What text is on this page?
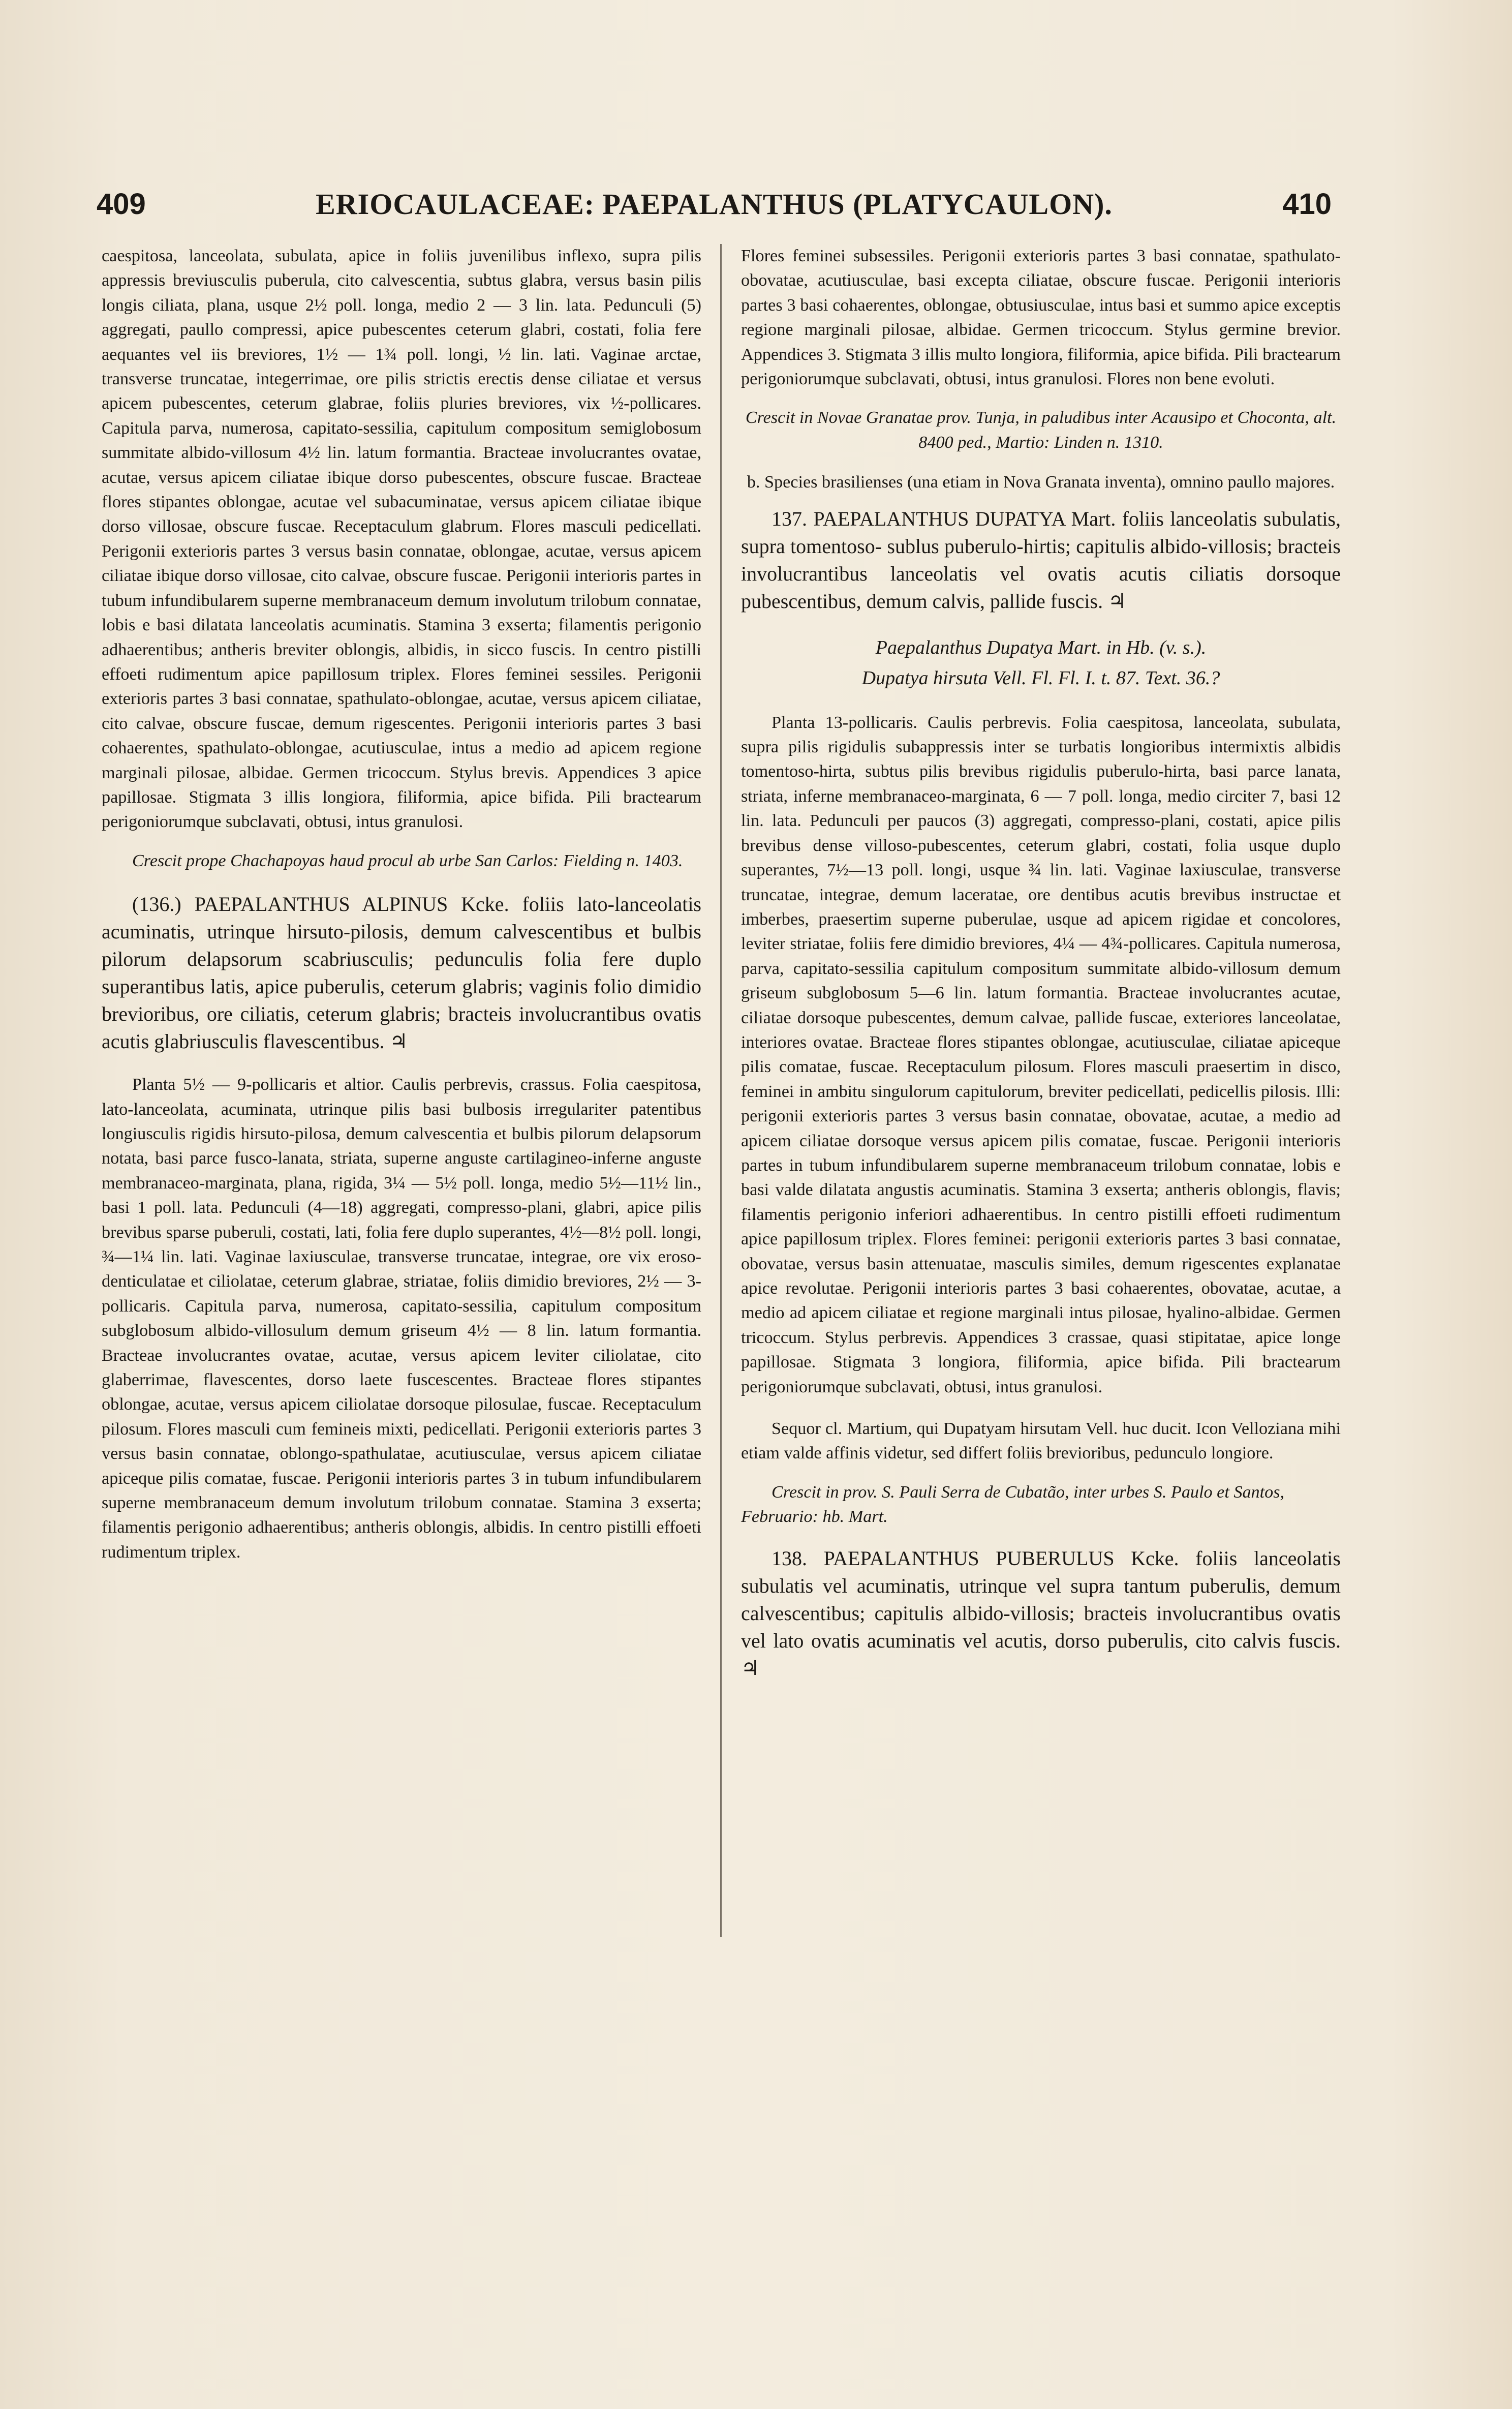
409	ERIOCAULACEAE: PAEPALANTHUS (PLATYCAULON).	410

caespitosa, lanceolata, subulata, apice in foliis juvenilibus inflexo, supra pilis appressis breviusculis puberula, cito calvescentia, subtus glabra, versus basin pilis longis ciliata, plana, usque 2½ poll. longa, medio 2 — 3 lin. lata. Pedunculi (5) aggregati, paullo compressi, apice pubescentes ceterum glabri, costati, folia fere aequantes vel iis breviores, 1½ — 1¾ poll. longi, ½ lin. lati. Vaginae arctae, transverse truncatae, integerrimae, ore pilis strictis erectis dense ciliatae et versus apicem pubescentes, ceterum glabrae, foliis pluries breviores, vix ½-pollicares. Capitula parva, numerosa, capitato-sessilia, capitulum compositum semiglobosum summitate albido-villosum 4½ lin. latum formantia. Bracteae involucrantes ovatae, acutae, versus apicem ciliatae ibique dorso pubescentes, obscure fuscae. Bracteae flores stipantes oblongae, acutae vel subacuminatae, versus apicem ciliatae ibique dorso villosae, obscure fuscae. Receptaculum glabrum. Flores masculi pedicellati. Perigonii exterioris partes 3 versus basin connatae, oblongae, acutae, versus apicem ciliatae ibique dorso villosae, cito calvae, obscure fuscae. Perigonii interioris partes in tubum infundibularem superne membranaceum demum involutum trilobum connatae, lobis e basi dilatata lanceolatis acuminatis. Stamina 3 exserta; filamentis perigonio adhaerentibus; antheris breviter oblongis, albidis, in sicco fuscis. In centro pistilli effoeti rudimentum apice papillosum triplex. Flores feminei sessiles. Perigonii exterioris partes 3 basi connatae, spathulato-oblongae, acutae, versus apicem ciliatae, cito calvae, obscure fuscae, demum rigescentes. Perigonii interioris partes 3 basi cohaerentes, spathulato-oblongae, acutiusculae, intus a medio ad apicem regione marginali pilosae, albidae. Germen tricoccum. Stylus brevis. Appendices 3 apice papillosae. Stigmata 3 illis longiora, filiformia, apice bifida. Pili bractearum perigoniorumque subclavati, obtusi, intus granulosi.

Crescit prope Chachapoyas haud procul ab urbe San Carlos: Fielding n. 1403.

(136.) PAEPALANTHUS ALPINUS Kcke. foliis lato-lanceolatis acuminatis, utrinque hirsuto-pilosis, demum calvescentibus et bulbis pilorum delapsorum scabriusculis; pedunculis folia fere duplo superantibus latis, apice puberulis, ceterum glabris; vaginis folio dimidio brevioribus, ore ciliatis, ceterum glabris; bracteis involucrantibus ovatis acutis glabriusculis flavescentibus. ♃

Planta 5½ — 9-pollicaris et altior. Caulis perbrevis, crassus. Folia caespitosa, lato-lanceolata, acuminata, utrinque pilis basi bulbosis irregulariter patentibus longiusculis rigidis hirsuto-pilosa, demum calvescentia et bulbis pilorum delapsorum notata, basi parce fusco-lanata, striata, superne anguste cartilagineo-inferne anguste membranaceo-marginata, plana, rigida, 3¼ — 5½ poll. longa, medio 5½—11½ lin., basi 1 poll. lata. Pedunculi (4—18) aggregati, compresso-plani, glabri, apice pilis brevibus sparse puberuli, costati, lati, folia fere duplo superantes, 4½—8½ poll. longi, ¾—1¼ lin. lati. Vaginae laxiusculae, transverse truncatae, integrae, ore vix eroso-denticulatae et ciliolatae, ceterum glabrae, striatae, foliis dimidio breviores, 2½ — 3-pollicaris. Capitula parva, numerosa, capitato-sessilia, capitulum compositum subglobosum albido-villosulum demum griseum 4½ — 8 lin. latum formantia. Bracteae involucrantes ovatae, acutae, versus apicem leviter ciliolatae, cito glaberrimae, flavescentes, dorso laete fuscescentes. Bracteae flores stipantes oblongae, acutae, versus apicem ciliolatae dorsoque pilosulae, fuscae. Receptaculum pilosum. Flores masculi cum femineis mixti, pedicellati. Perigonii exterioris partes 3 versus basin connatae, oblongo-spathulatae, acutiusculae, versus apicem ciliatae apiceque pilis comatae, fuscae. Perigonii interioris partes 3 in tubum infundibularem superne membranaceum demum involutum trilobum connatae. Stamina 3 exserta; filamentis perigonio adhaerentibus; antheris oblongis, albidis. In centro pistilli effoeti rudimentum triplex.

Flores feminei subsessiles. Perigonii exterioris partes 3 basi connatae, spathulato-obovatae, acutiusculae, basi excepta ciliatae, obscure fuscae. Perigonii interioris partes 3 basi cohaerentes, oblongae, obtusiusculae, intus basi et summo apice exceptis regione marginali pilosae, albidae. Germen tricoccum. Stylus germine brevior. Appendices 3. Stigmata 3 illis multo longiora, filiformia, apice bifida. Pili bractearum perigoniorumque subclavati, obtusi, intus granulosi. Flores non bene evoluti.

Crescit in Novae Granatae prov. Tunja, in paludibus inter Acausipo et Choconta, alt. 8400 ped., Martio: Linden n. 1310.

b. Species brasilienses (una etiam in Nova Granata inventa), omnino paullo majores.

137. PAEPALANTHUS DUPATYA Mart. foliis lanceolatis subulatis, supra tomentoso- sublus puberulo-hirtis; capitulis albido-villosis; bracteis involucrantibus lanceolatis vel ovatis acutis ciliatis dorsoque pubescentibus, demum calvis, pallide fuscis. ♃

Paepalanthus Dupatya Mart. in Hb. (v. s.).

Dupatya hirsuta Vell. Fl. Fl. I. t. 87. Text. 36.?

Planta 13-pollicaris. Caulis perbrevis. Folia caespitosa, lanceolata, subulata, supra pilis rigidulis subappressis inter se turbatis longioribus intermixtis albidis tomentoso-hirta, subtus pilis brevibus rigidulis puberulo-hirta, basi parce lanata, striata, inferne membranaceo-marginata, 6 — 7 poll. longa, medio circiter 7, basi 12 lin. lata. Pedunculi per paucos (3) aggregati, compresso-plani, costati, apice pilis brevibus dense villoso-pubescentes, ceterum glabri, costati, folia usque duplo superantes, 7½—13 poll. longi, usque ¾ lin. lati. Vaginae laxiusculae, transverse truncatae, integrae, demum laceratae, ore dentibus acutis brevibus instructae et imberbes, praesertim superne puberulae, usque ad apicem rigidae et concolores, leviter striatae, foliis fere dimidio breviores, 4¼ — 4¾-pollicares. Capitula numerosa, parva, capitato-sessilia capitulum compositum summitate albido-villosum demum griseum subglobosum 5—6 lin. latum formantia. Bracteae involucrantes acutae, ciliatae dorsoque pubescentes, demum calvae, pallide fuscae, exteriores lanceolatae, interiores ovatae. Bracteae flores stipantes oblongae, acutiusculae, ciliatae apiceque pilis comatae, fuscae. Receptaculum pilosum. Flores masculi praesertim in disco, feminei in ambitu singulorum capitulorum, breviter pedicellati, pedicellis pilosis. Illi: perigonii exterioris partes 3 versus basin connatae, obovatae, acutae, a medio ad apicem ciliatae dorsoque versus apicem pilis comatae, fuscae. Perigonii interioris partes in tubum infundibularem superne membranaceum trilobum connatae, lobis e basi valde dilatata angustis acuminatis. Stamina 3 exserta; antheris oblongis, flavis; filamentis perigonio inferiori adhaerentibus. In centro pistilli effoeti rudimentum apice papillosum triplex. Flores feminei: perigonii exterioris partes 3 basi connatae, obovatae, versus basin attenuatae, masculis similes, demum rigescentes explanatae apice revolutae. Perigonii interioris partes 3 basi cohaerentes, obovatae, acutae, a medio ad apicem ciliatae et regione marginali intus pilosae, hyalino-albidae. Germen tricoccum. Stylus perbrevis. Appendices 3 crassae, quasi stipitatae, apice longe papillosae. Stigmata 3 longiora, filiformia, apice bifida. Pili bractearum perigoniorumque subclavati, obtusi, intus granulosi.

Sequor cl. Martium, qui Dupatyam hirsutam Vell. huc ducit. Icon Velloziana mihi etiam valde affinis videtur, sed differt foliis brevioribus, pedunculo longiore.

Crescit in prov. S. Pauli Serra de Cubatão, inter urbes S. Paulo et Santos, Februario: hb. Mart.

138. PAEPALANTHUS PUBERULUS Kcke. foliis lanceolatis subulatis vel acuminatis, utrinque vel supra tantum puberulis, demum calvescentibus; capitulis albido-villosis; bracteis involucrantibus ovatis vel lato ovatis acuminatis vel acutis, dorso puberulis, cito calvis fuscis. ♃
